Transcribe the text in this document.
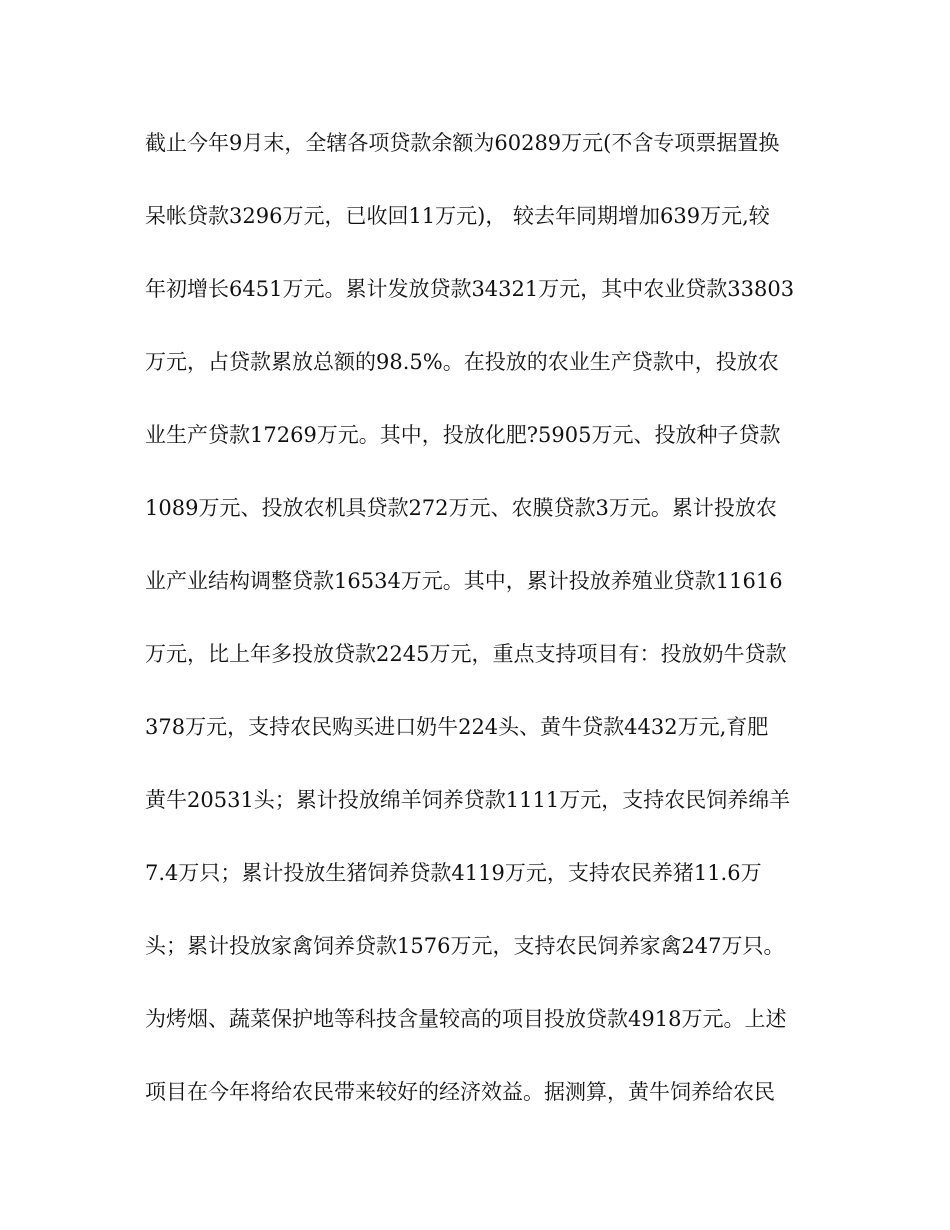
截止今年9月末，全辖各项贷款余额为60289万元(不含专项票据置换
呆帐贷款3296万元，已收回11万元)， 较去年同期增加639万元,较
年初增长6451万元。累计发放贷款34321万元，其中农业贷款33803
万元，占贷款累放总额的98.5%。在投放的农业生产贷款中，投放农
业生产贷款17269万元。其中，投放化肥?5905万元、投放种子贷款
1089万元、投放农机具贷款272万元、农膜贷款3万元。累计投放农
业产业结构调整贷款16534万元。其中，累计投放养殖业贷款11616
万元，比上年多投放贷款2245万元，重点支持项目有：投放奶牛贷款
378万元，支持农民购买进口奶牛224头、黄牛贷款4432万元,育肥
黄牛20531头；累计投放绵羊饲养贷款1111万元，支持农民饲养绵羊
7.4万只；累计投放生猪饲养贷款4119万元，支持农民养猪11.6万
头；累计投放家禽饲养贷款1576万元，支持农民饲养家禽247万只。
为烤烟、蔬菜保护地等科技含量较高的项目投放贷款4918万元。上述
项目在今年将给农民带来较好的经济效益。据测算，黄牛饲养给农民
